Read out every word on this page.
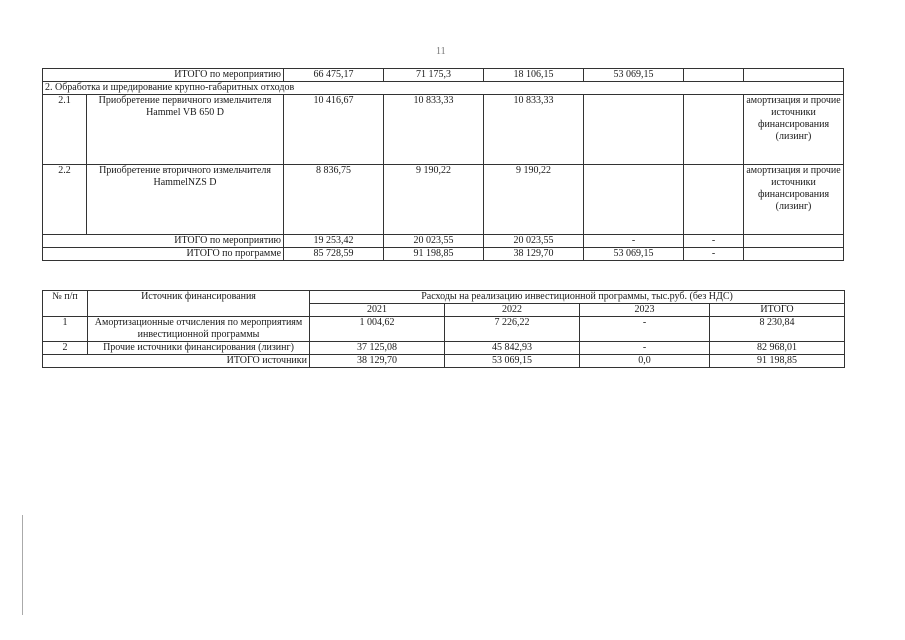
11
ИТОГО по мероприятию		66 475,17	71 175,3	18 106,15	53 069,15		
2. Обработка и шредирование крупно-габаритных отходов							
2.1	Приобретение первичного измельчителя Hammel VB 650 D	10 416,67	10 833,33	10 833,33			амортизация и прочие источники финансирования (лизинг)
2.2	Приобретение вторичного измельчителя HammelNZS D	8 836,75	9 190,22	9 190,22			амортизация и прочие источники финансирования (лизинг)
ИТОГО по мероприятию		19 253,42	20 023,55	20 023,55	-	-	
ИТОГО по программе		85 728,59	91 198,85	38 129,70	53 069,15	-	
№ п/п	Источник финансирования	Расходы на реализацию инвестиционной программы, тыс.руб. (без НДС)			
		2021	2022	2023	ИТОГО
1	Амортизационные отчисления по мероприятиям инвестиционной программы	1 004,62	7 226,22	-	8 230,84
2	Прочие источники финансирования (лизинг)	37 125,08	45 842,93	-	82 968,01
ИТОГО источники		38 129,70	53 069,15	0,0	91 198,85
